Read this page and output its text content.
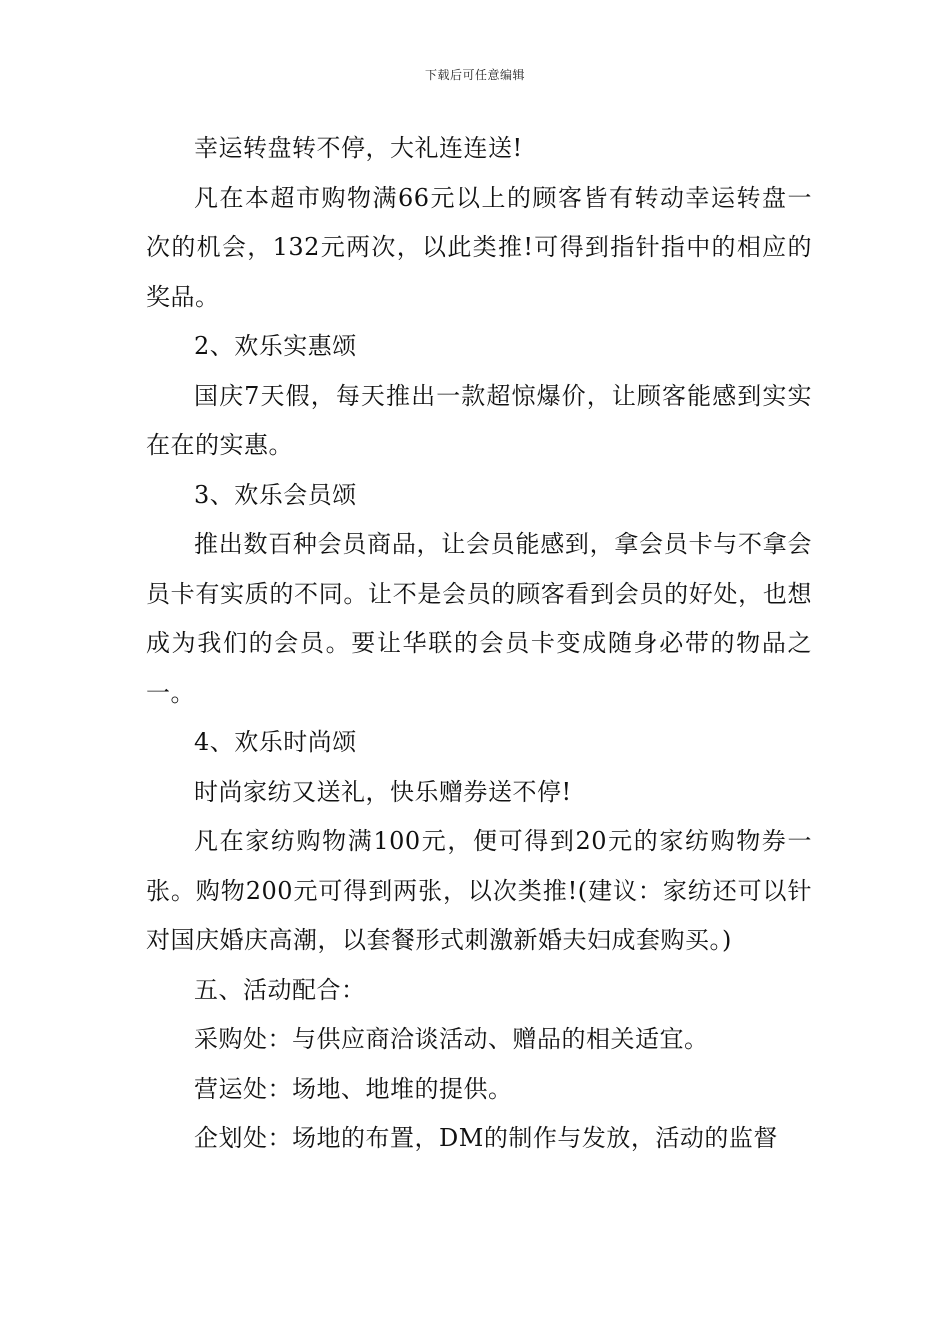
下载后可任意编辑

幸运转盘转不停，大礼连连送!

凡在本超市购物满66元以上的顾客皆有转动幸运转盘一次的机会，132元两次，以此类推!可得到指针指中的相应的奖品。

2、欢乐实惠颂

国庆7天假，每天推出一款超惊爆价，让顾客能感到实实在在的实惠。

3、欢乐会员颂

推出数百种会员商品，让会员能感到，拿会员卡与不拿会员卡有实质的不同。让不是会员的顾客看到会员的好处，也想成为我们的会员。要让华联的会员卡变成随身必带的物品之一。

4、欢乐时尚颂

时尚家纺又送礼，快乐赠券送不停!

凡在家纺购物满100元，便可得到20元的家纺购物券一张。购物200元可得到两张，以次类推!(建议：家纺还可以针对国庆婚庆高潮，以套餐形式刺激新婚夫妇成套购买。)

五、活动配合：

采购处：与供应商洽谈活动、赠品的相关适宜。

营运处：场地、地堆的提供。

企划处：场地的布置，DM的制作与发放，活动的监督
